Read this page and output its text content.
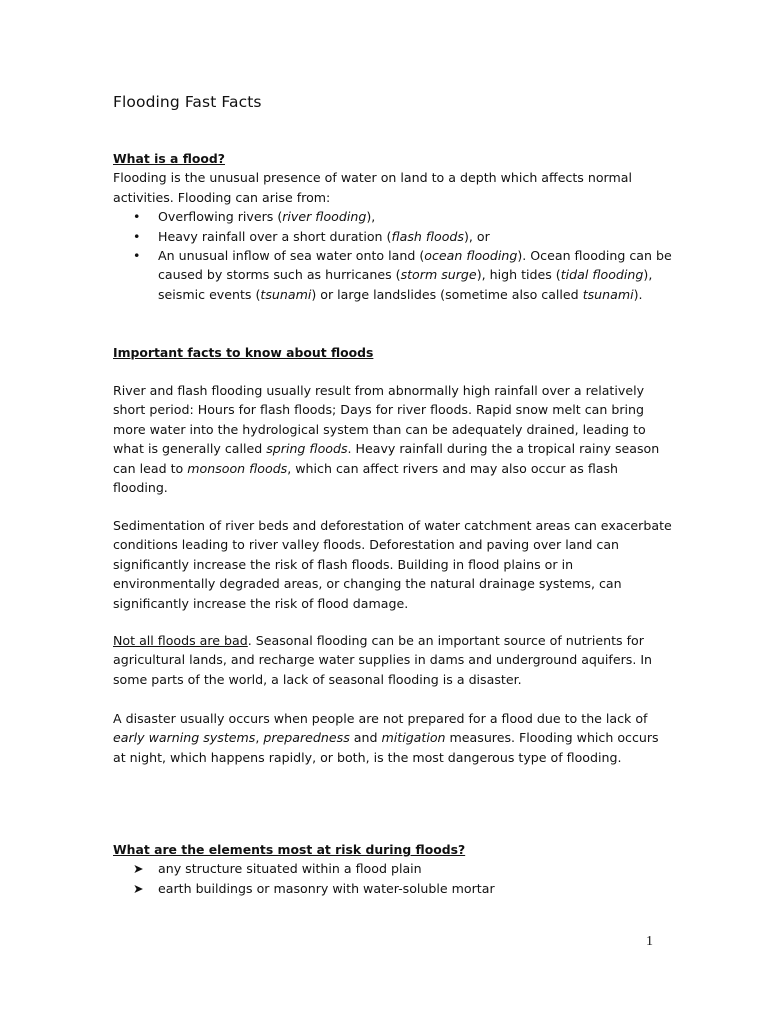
Flooding Fast Facts
What is a flood?

Flooding is the unusual presence of water on land to a depth which affects normal activities. Flooding can arise from:

•	Overflowing rivers (river flooding),
•	Heavy rainfall over a short duration (flash floods), or
•	An unusual inflow of sea water onto land (ocean flooding). Ocean flooding can be caused by storms such as hurricanes (storm surge), high tides (tidal flooding), seismic events (tsunami) or large landslides (sometime also called tsunami).
Important facts to know about floods

River and flash flooding usually result from abnormally high rainfall over a relatively short period: Hours for flash floods; Days for river floods. Rapid snow melt can bring more water into the hydrological system than can be adequately drained, leading to what is generally called spring floods. Heavy rainfall during the a tropical rainy season can lead to monsoon floods, which can affect rivers and may also occur as flash flooding.

Sedimentation of river beds and deforestation of water catchment areas can exacerbate conditions leading to river valley floods. Deforestation and paving over land can significantly increase the risk of flash floods. Building in flood plains or in environmentally degraded areas, or changing the natural drainage systems, can significantly increase the risk of flood damage.

Not all floods are bad. Seasonal flooding can be an important source of nutrients for agricultural lands, and recharge water supplies in dams and underground aquifers. In some parts of the world, a lack of seasonal flooding is a disaster.

A disaster usually occurs when people are not prepared for a flood due to the lack of early warning systems, preparedness and mitigation measures. Flooding which occurs at night, which happens rapidly, or both, is the most dangerous type of flooding.

What are the elements most at risk during floods?
➤ any structure situated within a flood plain
➤ earth buildings or masonry with water-soluble mortar
1
